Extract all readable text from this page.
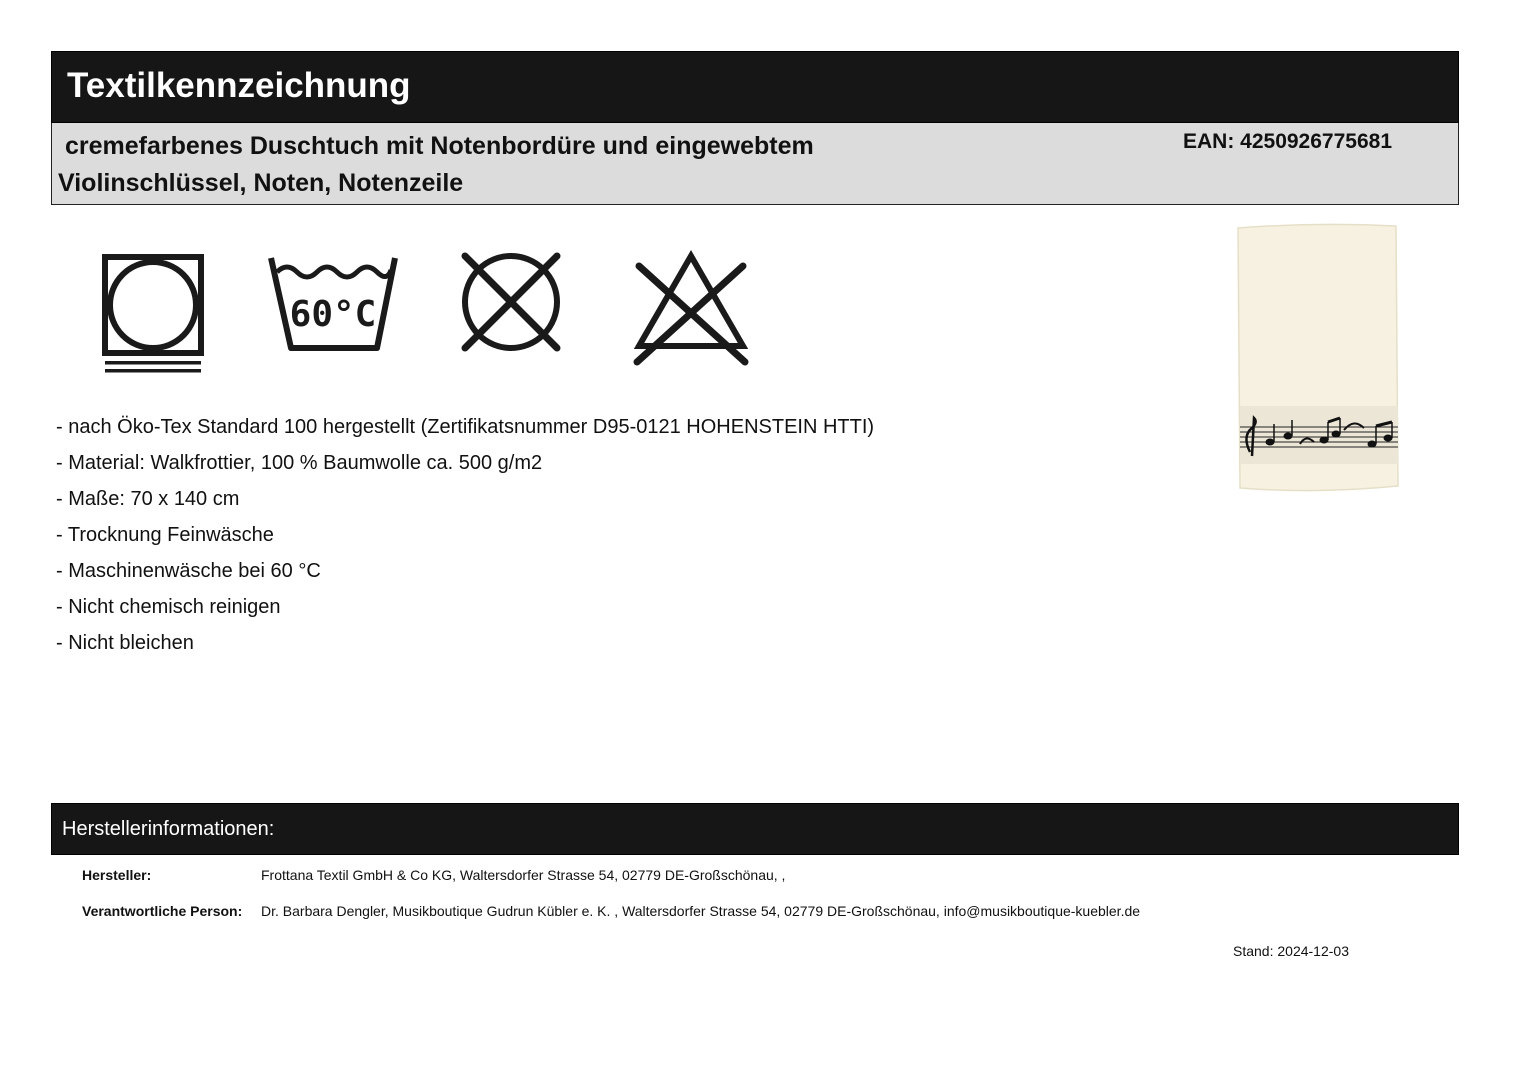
Textilkennzeichnung
cremefarbenes Duschtuch mit Notenbordüre und eingewebtem
Violinschlüssel, Noten, Notenzeile
EAN: 4250926775681
60°C
- nach Öko-Tex Standard 100 hergestellt (Zertifikatsnummer D95-0121 HOHENSTEIN HTTI)
- Material: Walkfrottier, 100 % Baumwolle ca. 500 g/m2
- Maße: 70 x 140 cm
- Trocknung Feinwäsche
- Maschinenwäsche bei 60 °C
- Nicht chemisch reinigen
- Nicht bleichen
Herstellerinformationen:
Hersteller:	Frottana Textil GmbH & Co KG, Waltersdorfer Strasse 54, 02779 DE-Großschönau, ,
Verantwortliche Person: Dr. Barbara Dengler, Musikboutique Gudrun Kübler e. K. , Waltersdorfer Strasse 54, 02779 DE-Großschönau, info@musikboutique-kuebler.de
Stand: 2024-12-03
